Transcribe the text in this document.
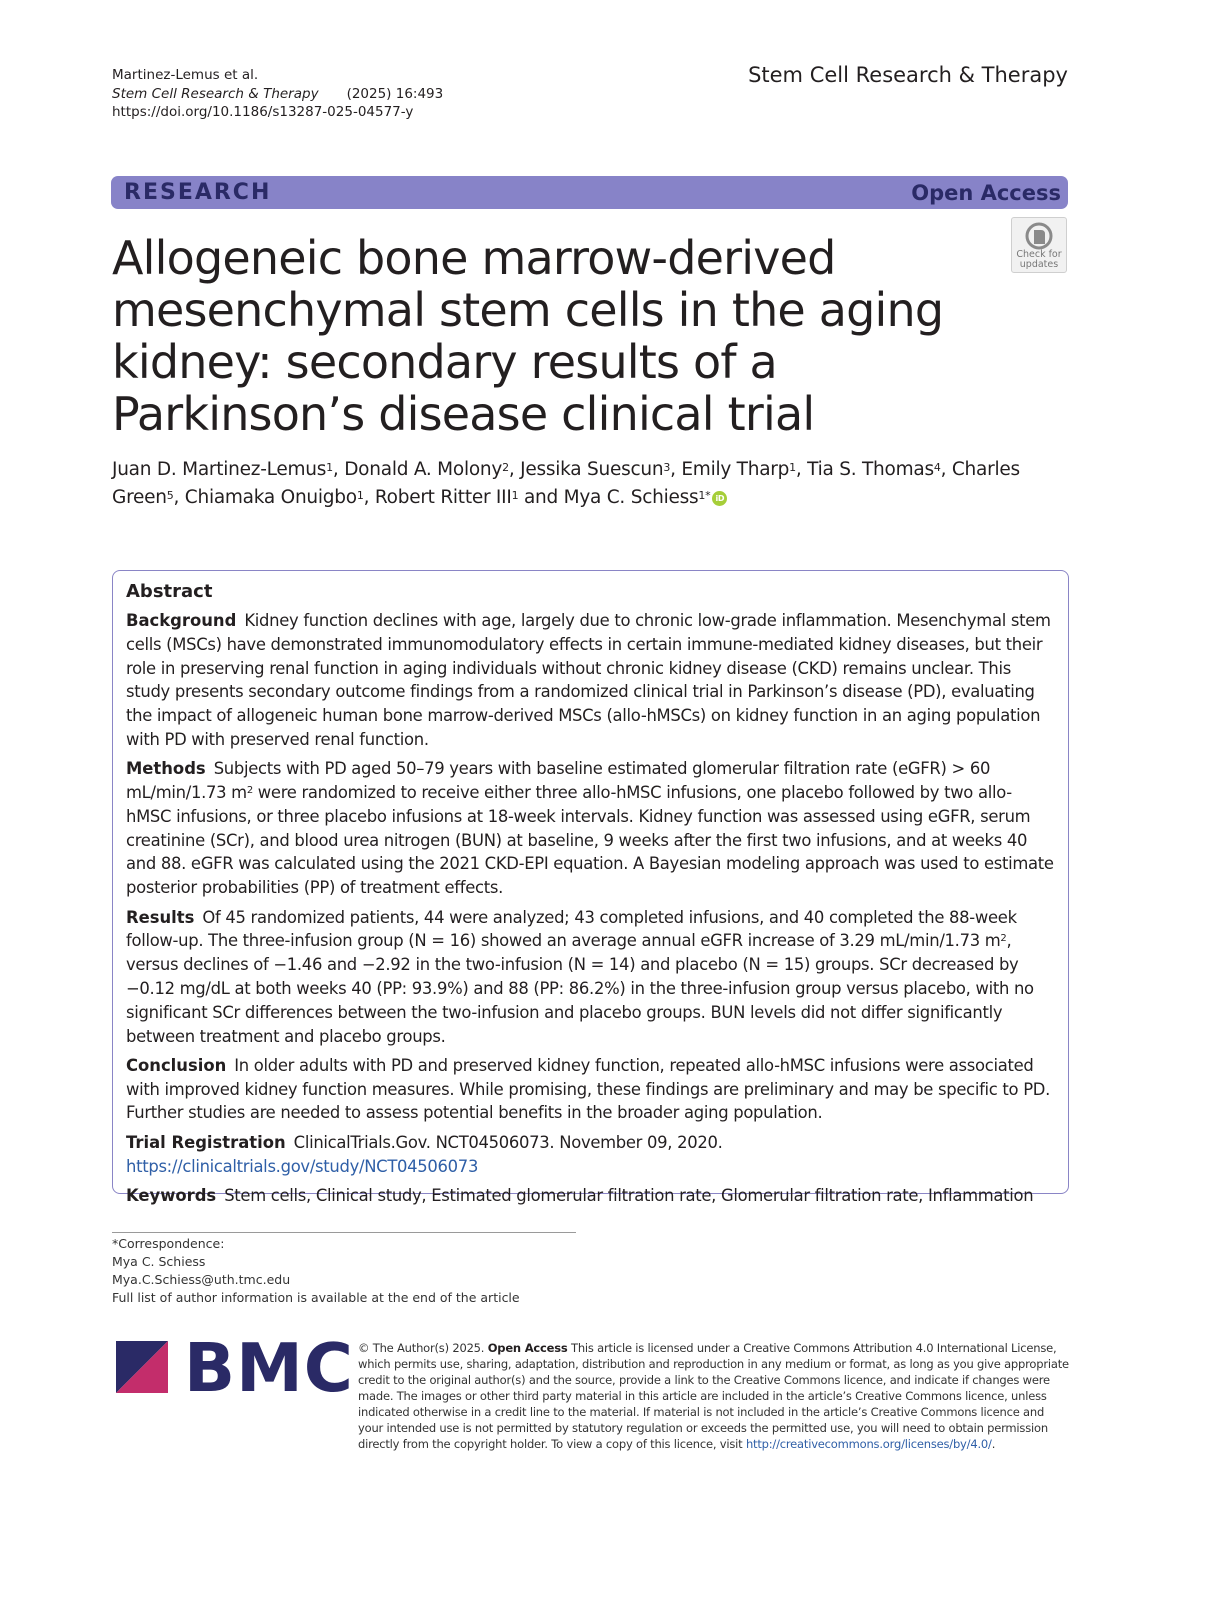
Martinez-Lemus et al.
Stem Cell Research & Therapy (2025) 16:493
https://doi.org/10.1186/s13287-025-04577-y
Stem Cell Research & Therapy
RESEARCH	Open Access
Check for
updates
Allogeneic bone marrow-derived mesenchymal stem cells in the aging kidney: secondary results of a Parkinson’s disease clinical trial
Juan D. Martinez-Lemus$^1$, Donald A. Molony$^2$, Jessika Suescun$^3$, Emily Tharp$^1$, Tia S. Thomas$^4$, Charles Green$^5$, Chiamaka Onuigbo$^1$, Robert Ritter III$^1$ and Mya C. Schiess$^{1*}$ iD
Abstract

Background Kidney function declines with age, largely due to chronic low-grade inflammation. Mesenchymal stem cells (MSCs) have demonstrated immunomodulatory effects in certain immune-mediated kidney diseases, but their role in preserving renal function in aging individuals without chronic kidney disease (CKD) remains unclear. This study presents secondary outcome findings from a randomized clinical trial in Parkinson’s disease (PD), evaluating the impact of allogeneic human bone marrow-derived MSCs (allo-hMSCs) on kidney function in an aging population with PD with preserved renal function.

Methods Subjects with PD aged 50–79 years with baseline estimated glomerular filtration rate (eGFR) > 60 mL/min/1.73 $m^2$ were randomized to receive either three allo-hMSC infusions, one placebo followed by two allo-hMSC infusions, or three placebo infusions at 18-week intervals. Kidney function was assessed using eGFR, serum creatinine (SCr), and blood urea nitrogen (BUN) at baseline, 9 weeks after the first two infusions, and at weeks 40 and 88. eGFR was calculated using the 2021 CKD-EPI equation. A Bayesian modeling approach was used to estimate posterior probabilities (PP) of treatment effects.

Results Of 45 randomized patients, 44 were analyzed; 43 completed infusions, and 40 completed the 88-week follow-up. The three-infusion group (N = 16) showed an average annual eGFR increase of 3.29 mL/min/1.73 $m^2$, versus declines of −1.46 and −2.92 in the two-infusion (N = 14) and placebo (N = 15) groups. SCr decreased by −0.12 mg/dL at both weeks 40 (PP: 93.9%) and 88 (PP: 86.2%) in the three-infusion group versus placebo, with no significant SCr differences between the two-infusion and placebo groups. BUN levels did not differ significantly between treatment and placebo groups.

Conclusion In older adults with PD and preserved kidney function, repeated allo-hMSC infusions were associated with improved kidney function measures. While promising, these findings are preliminary and may be specific to PD. Further studies are needed to assess potential benefits in the broader aging population.

Trial Registration ClinicalTrials.Gov. NCT04506073. November 09, 2020. https://clinicaltrials.gov/study/NCT04506073

Keywords Stem cells, Clinical study, Estimated glomerular filtration rate, Glomerular filtration rate, Inflammation

*Correspondence:
Mya C. Schiess
Mya.C.Schiess@uth.tmc.edu
Full list of author information is available at the end of the article
BMC © The Author(s) 2025. Open Access This article is licensed under a Creative Commons Attribution 4.0 International License, which permits use, sharing, adaptation, distribution and reproduction in any medium or format, as long as you give appropriate credit to the original author(s) and the source, provide a link to the Creative Commons licence, and indicate if changes were made. The images or other third party material in this article are included in the article’s Creative Commons licence, unless indicated otherwise in a credit line to the material. If material is not included in the article’s Creative Commons licence and your intended use is not permitted by statutory regulation or exceeds the permitted use, you will need to obtain permission directly from the copyright holder. To view a copy of this licence, visit http://creativecommons.org/licenses/by/4.0/.
